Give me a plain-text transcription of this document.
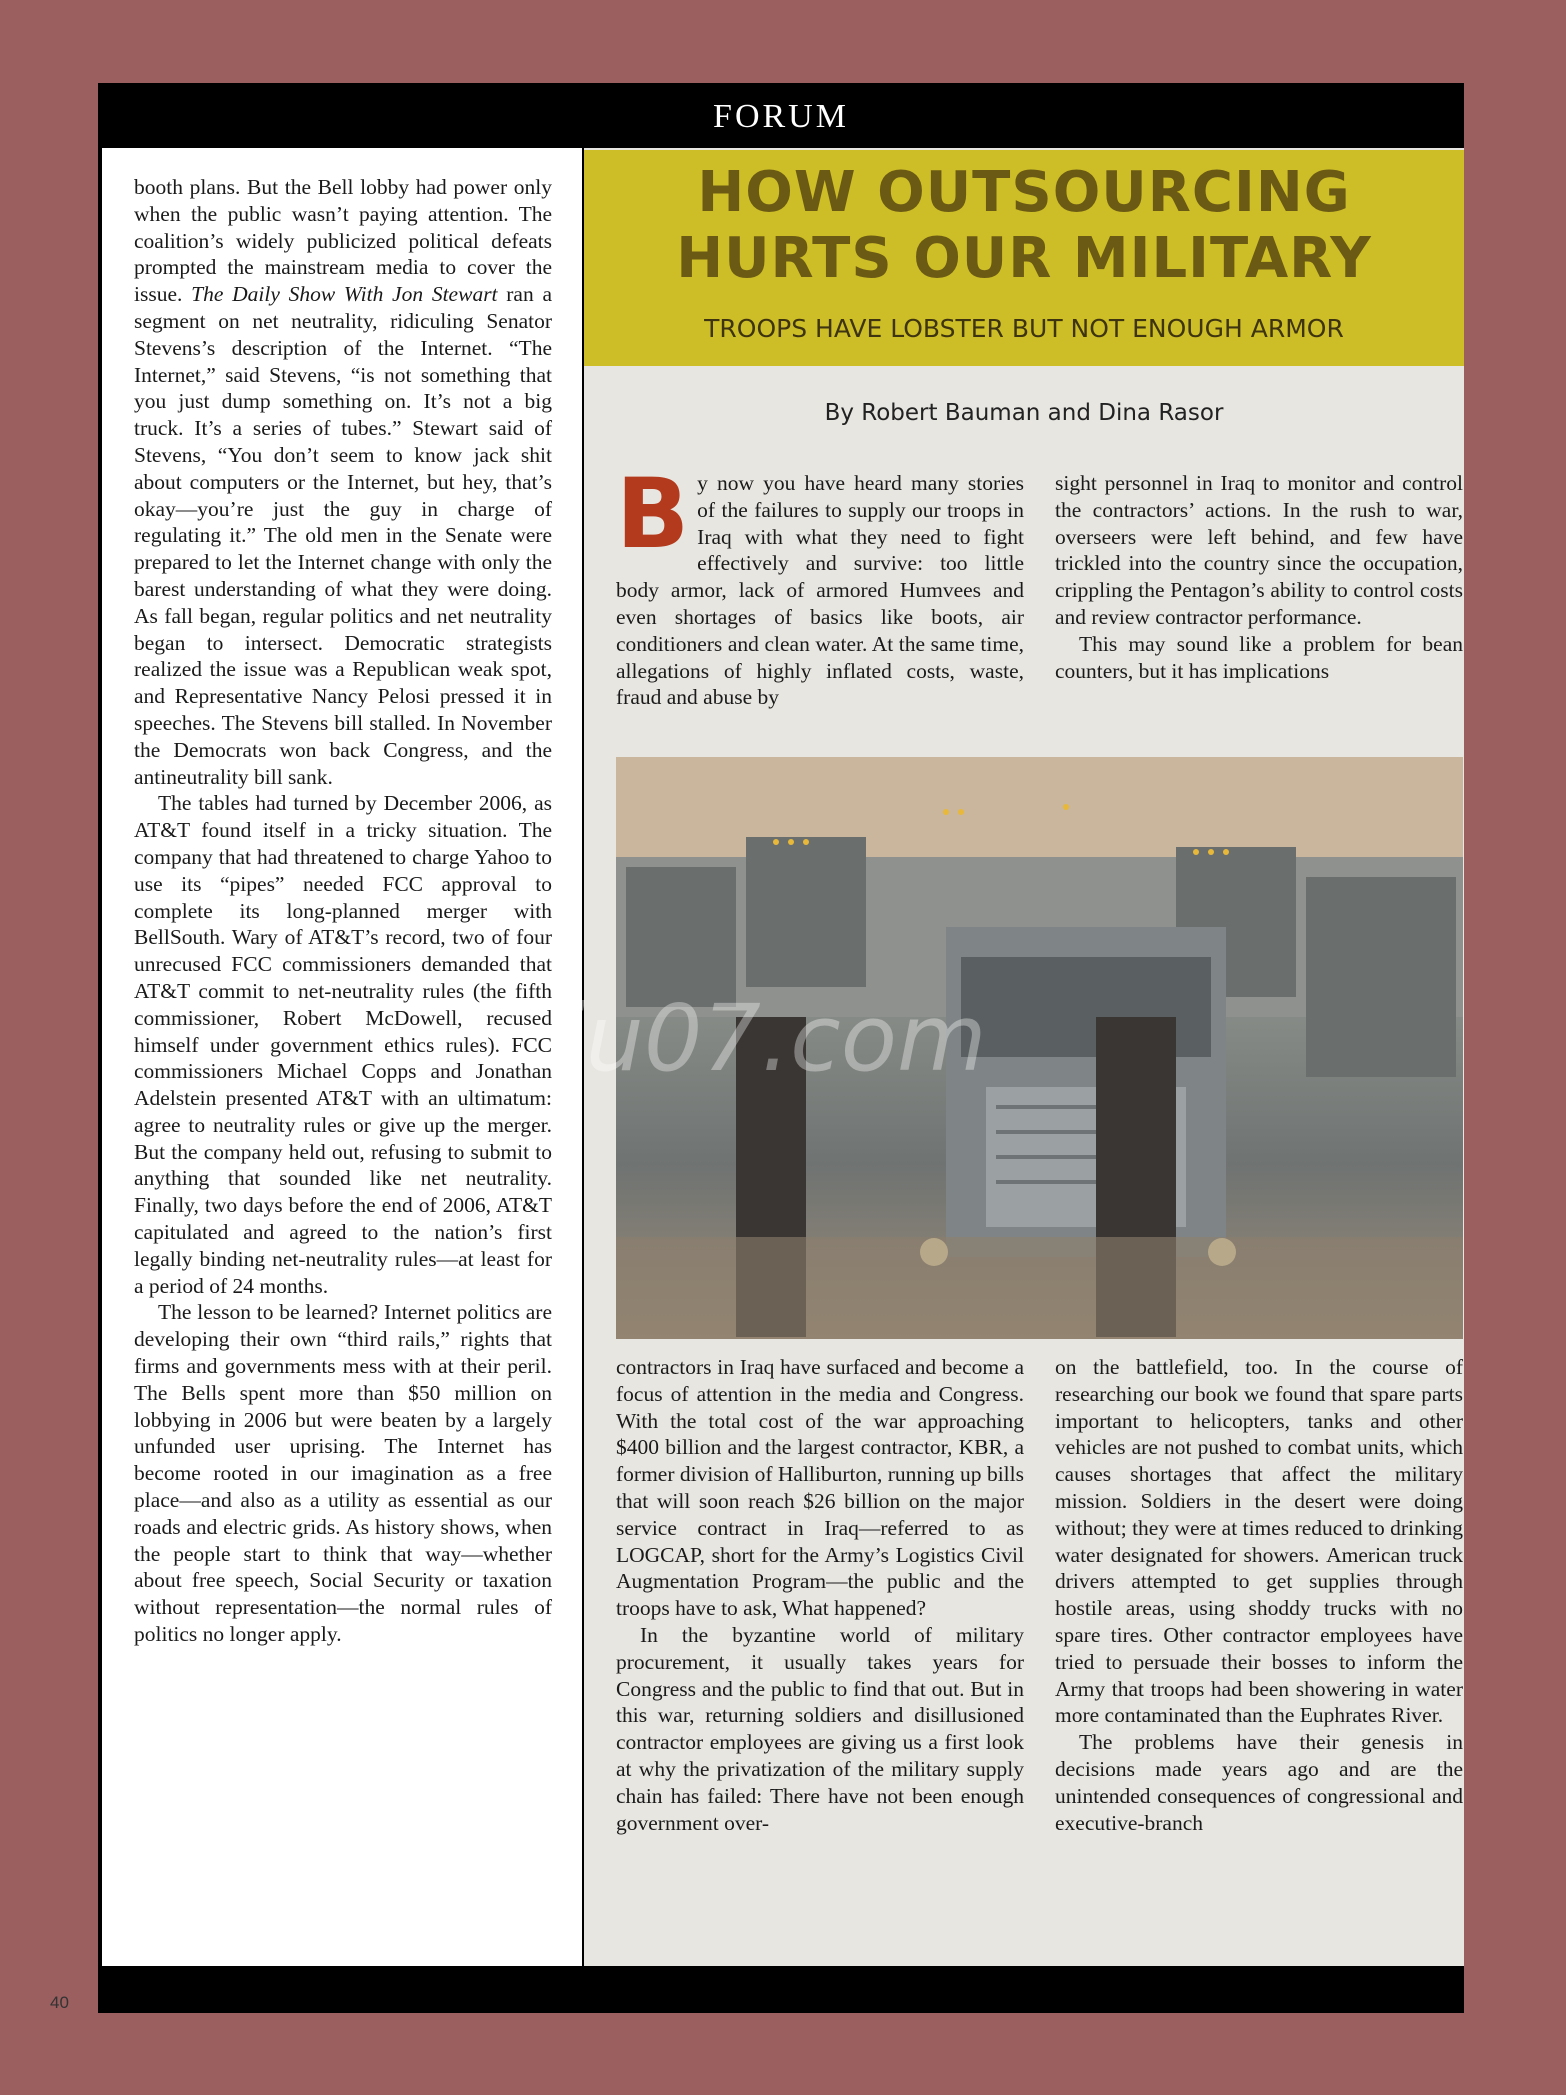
FORUM

booth plans. But the Bell lobby had power only when the public wasn’t paying attention. The coalition’s widely publicized political defeats prompted the mainstream media to cover the issue. The Daily Show With Jon Stewart ran a segment on net neutrality, ridiculing Senator Stevens’s description of the Internet. “The Internet,” said Stevens, “is not something that you just dump something on. It’s not a big truck. It’s a series of tubes.” Stewart said of Stevens, “You don’t seem to know jack shit about computers or the Internet, but hey, that’s okay—you’re just the guy in charge of regulating it.” The old men in the Senate were prepared to let the Internet change with only the barest understanding of what they were doing. As fall began, regular politics and net neutrality began to intersect. Democratic strategists realized the issue was a Republican weak spot, and Representative Nancy Pelosi pressed it in speeches. The Stevens bill stalled. In November the Democrats won back Congress, and the antineutrality bill sank.

The tables had turned by December 2006, as AT&T found itself in a tricky situation. The company that had threatened to charge Yahoo to use its “pipes” needed FCC approval to complete its long-planned merger with BellSouth. Wary of AT&T’s record, two of four unrecused FCC commissioners demanded that AT&T commit to net-neutrality rules (the fifth commissioner, Robert McDowell, recused himself under government ethics rules). FCC commissioners Michael Copps and Jonathan Adelstein presented AT&T with an ultimatum: agree to neutrality rules or give up the merger. But the company held out, refusing to submit to anything that sounded like net neutrality. Finally, two days before the end of 2006, AT&T capitulated and agreed to the nation’s first legally binding net-neutrality rules—at least for a period of 24 months.

The lesson to be learned? Internet politics are developing their own “third rails,” rights that firms and governments mess with at their peril. The Bells spent more than $50 million on lobbying in 2006 but were beaten by a largely unfunded user uprising. The Internet has become rooted in our imagination as a free place—and also as a utility as essential as our roads and electric grids. As history shows, when the people start to think that way—whether about free speech, Social Security or taxation without representation—the normal rules of politics no longer apply.

HOW OUTSOURCING
HURTS OUR MILITARY
TROOPS HAVE LOBSTER BUT NOT ENOUGH ARMOR
By Robert Bauman and Dina Rasor

By now you have heard many stories of the failures to supply our troops in Iraq with what they need to fight effectively and survive: too little body armor, lack of armored Humvees and even shortages of basics like boots, air conditioners and clean water. At the same time, allegations of highly inflated costs, waste, fraud and abuse by

sight personnel in Iraq to monitor and control the contractors’ actions. In the rush to war, overseers were left behind, and few have trickled into the country since the occupation, crippling the Pentagon’s ability to control costs and review contractor performance.

This may sound like a problem for bean counters, but it has implications

iu07.com

contractors in Iraq have surfaced and become a focus of attention in the media and Congress. With the total cost of the war approaching $400 billion and the largest contractor, KBR, a former division of Halliburton, running up bills that will soon reach $26 billion on the major service contract in Iraq—referred to as LOGCAP, short for the Army’s Logistics Civil Augmentation Program—the public and the troops have to ask, What happened?

In the byzantine world of military procurement, it usually takes years for Congress and the public to find that out. But in this war, returning soldiers and disillusioned contractor employees are giving us a first look at why the privatization of the military supply chain has failed: There have not been enough government over-

on the battlefield, too. In the course of researching our book we found that spare parts important to helicopters, tanks and other vehicles are not pushed to combat units, which causes shortages that affect the military mission. Soldiers in the desert were doing without; they were at times reduced to drinking water designated for showers. American truck drivers attempted to get supplies through hostile areas, using shoddy trucks with no spare tires. Other contractor employees have tried to persuade their bosses to inform the Army that troops had been showering in water more contaminated than the Euphrates River.

The problems have their genesis in decisions made years ago and are the unintended consequences of congressional and executive-branch

40
